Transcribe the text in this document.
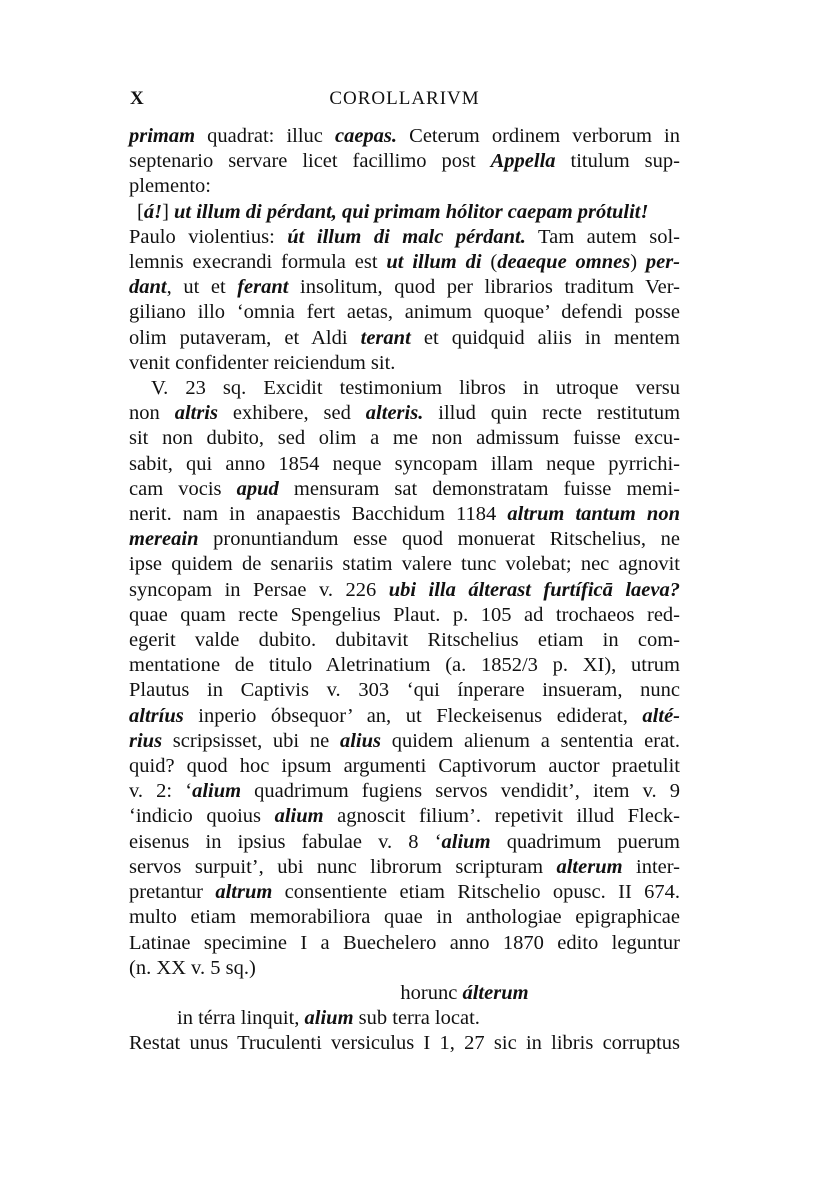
X	COROLLARIVM
primam quadrat: illuc caepas. Ceterum ordinem verborum in
septenario servare licet facillimo post Appella titulum sup-
plemento:
[á!] ut illum di pérdant, qui primam hólitor caepam prótulit!
Paulo violentius: út illum di malc pérdant. Tam autem sol-
lemnis execrandi formula est ut illum di (deaeque omnes) per-
dant, ut et ferant insolitum, quod per librarios traditum Ver-
giliano illo ‘omnia fert aetas, animum quoque’ defendi posse
olim putaveram, et Aldi terant et quidquid aliis in mentem
venit confidenter reiciendum sit.
V. 23 sq. Excidit testimonium libros in utroque versu
non altris exhibere, sed alteris. illud quin recte restitutum
sit non dubito, sed olim a me non admissum fuisse excu-
sabit, qui anno 1854 neque syncopam illam neque pyrrichi-
cam vocis apud mensuram sat demonstratam fuisse memi-
nerit. nam in anapaestis Bacchidum 1184 altrum tantum non
mereain pronuntiandum esse quod monuerat Ritschelius, ne
ipse quidem de senariis statim valere tunc volebat; nec agnovit
syncopam in Persae v. 226 ubi illa álterast furtíficā laeva?
quae quam recte Spengelius Plaut. p. 105 ad trochaeos red-
egerit valde dubito. dubitavit Ritschelius etiam in com-
mentatione de titulo Aletrinatium (a. 1852/3 p. XI), utrum
Plautus in Captivis v. 303 ‘qui ínperare insueram, nunc
altríus inperio óbsequor’ an, ut Fleckeisenus ediderat, alté-
rius scripsisset, ubi ne alius quidem alienum a sententia erat.
quid? quod hoc ipsum argumenti Captivorum auctor praetulit
v. 2: ‘alium quadrimum fugiens servos vendidit’, item v. 9
‘indicio quoius alium agnoscit filium’. repetivit illud Fleck-
eisenus in ipsius fabulae v. 8 ‘alium quadrimum puerum
servos surpuit’, ubi nunc librorum scripturam alterum inter-
pretantur altrum consentiente etiam Ritschelio opusc. II 674.
multo etiam memorabiliora quae in anthologiae epigraphicae
Latinae specimine I a Buechelero anno 1870 edito leguntur
(n. XX v. 5 sq.)
horunc álterum
in térra linquit, alium sub terra locat.
Restat unus Truculenti versiculus I 1, 27 sic in libris corruptus
